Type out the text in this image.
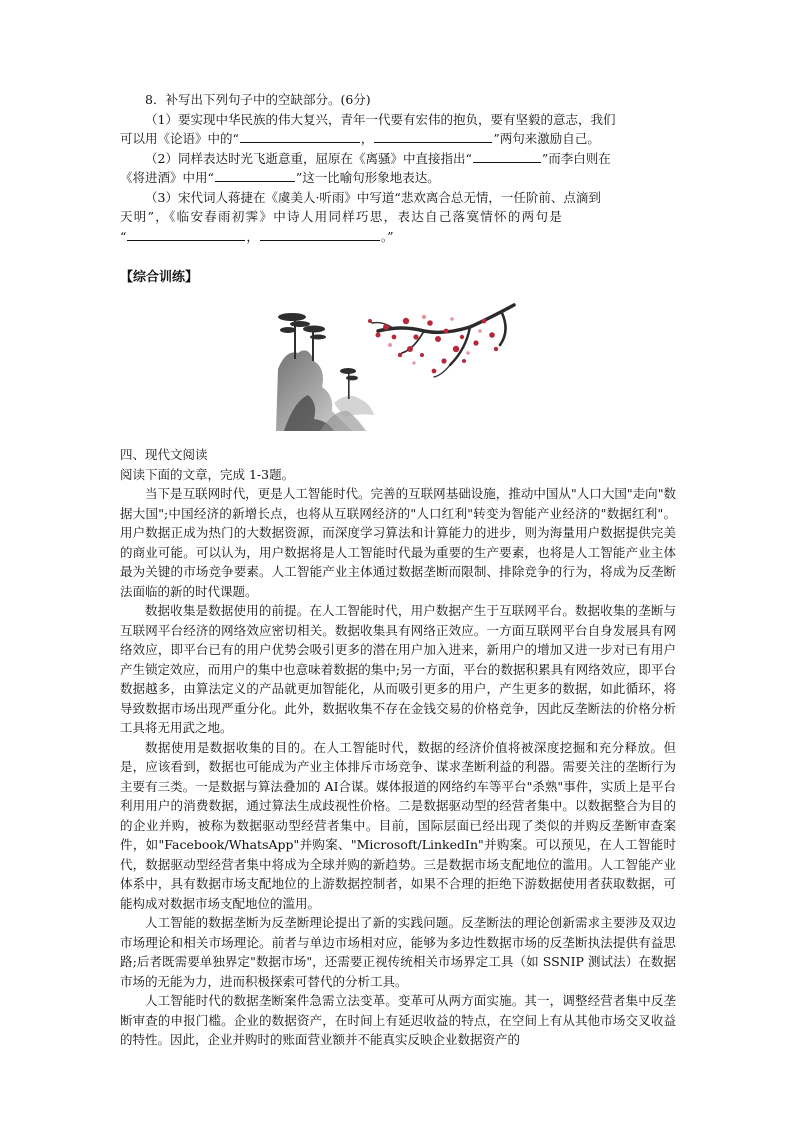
8．补写出下列句子中的空缺部分。(6分)
（1）要实现中华民族的伟大复兴，青年一代要有宏伟的抱负，要有坚毅的意志，我们
可以用《论语》中的“	，	”两句来激励自己。
（2）同样表达时光飞逝意重，屈原在《离骚》中直接指出“	”而李白则在
《将进酒》中用“	”这一比喻句形象地表达。
（3）宋代词人蒋捷在《虞美人·听雨》中写道“悲欢离合总无情，一任阶前、点滴到
天明”，《临安春雨初霁》中诗人用同样巧思，表达自己落寞情怀的两句是
“	，	。”
【综合训练】
四、现代文阅读
阅读下面的文章，完成 1-3题。

当下是互联网时代，更是人工智能时代。完善的互联网基础设施，推动中国从"人口大国"走向"数据大国";中国经济的新增长点，也将从互联网经济的"人口红利"转变为智能产业经济的"数据红利"。用户数据正成为热门的大数据资源，而深度学习算法和计算能力的进步，则为海量用户数据提供完美的商业可能。可以认为，用户数据将是人工智能时代最为重要的生产要素，也将是人工智能产业主体最为关键的市场竞争要素。人工智能产业主体通过数据垄断而限制、排除竞争的行为，将成为反垄断法面临的新的时代课题。

数据收集是数据使用的前提。在人工智能时代，用户数据产生于互联网平台。数据收集的垄断与互联网平台经济的网络效应密切相关。数据收集具有网络正效应。一方面互联网平台自身发展具有网络效应，即平台已有的用户优势会吸引更多的潜在用户加入进来，新用户的增加又进一步对已有用户产生锁定效应，而用户的集中也意味着数据的集中;另一方面，平台的数据积累具有网络效应，即平台数据越多，由算法定义的产品就更加智能化，从而吸引更多的用户，产生更多的数据，如此循环，将导致数据市场出现严重分化。此外，数据收集不存在金钱交易的价格竞争，因此反垄断法的价格分析工具将无用武之地。

数据使用是数据收集的目的。在人工智能时代，数据的经济价值将被深度挖掘和充分释放。但是，应该看到，数据也可能成为产业主体排斥市场竞争、谋求垄断利益的利器。需要关注的垄断行为主要有三类。一是数据与算法叠加的 AI合谋。媒体报道的网络约车等平台"杀熟"事件，实质上是平台利用用户的消费数据，通过算法生成歧视性价格。二是数据驱动型的经营者集中。以数据整合为目的的企业并购，被称为数据驱动型经营者集中。目前，国际层面已经出现了类似的并购反垄断审查案件，如"Facebook/WhatsApp"并购案、"Microsoft/LinkedIn"并购案。可以预见，在人工智能时代，数据驱动型经营者集中将成为全球并购的新趋势。三是数据市场支配地位的滥用。人工智能产业体系中，具有数据市场支配地位的上游数据控制者，如果不合理的拒绝下游数据使用者获取数据，可能构成对数据市场支配地位的滥用。

人工智能的数据垄断为反垄断理论提出了新的实践问题。反垄断法的理论创新需求主要涉及双边市场理论和相关市场理论。前者与单边市场相对应，能够为多边性数据市场的反垄断执法提供有益思路;后者既需要单独界定"数据市场"，还需要正视传统相关市场界定工具（如 SSNIP 测试法）在数据市场的无能为力，进而积极探索可替代的分析工具。

人工智能时代的数据垄断案件急需立法变革。变革可从两方面实施。其一，调整经营者集中反垄断审查的申报门槛。企业的数据资产，在时间上有延迟收益的特点，在空间上有从其他市场交叉收益的特性。因此，企业并购时的账面营业额并不能真实反映企业数据资产的
